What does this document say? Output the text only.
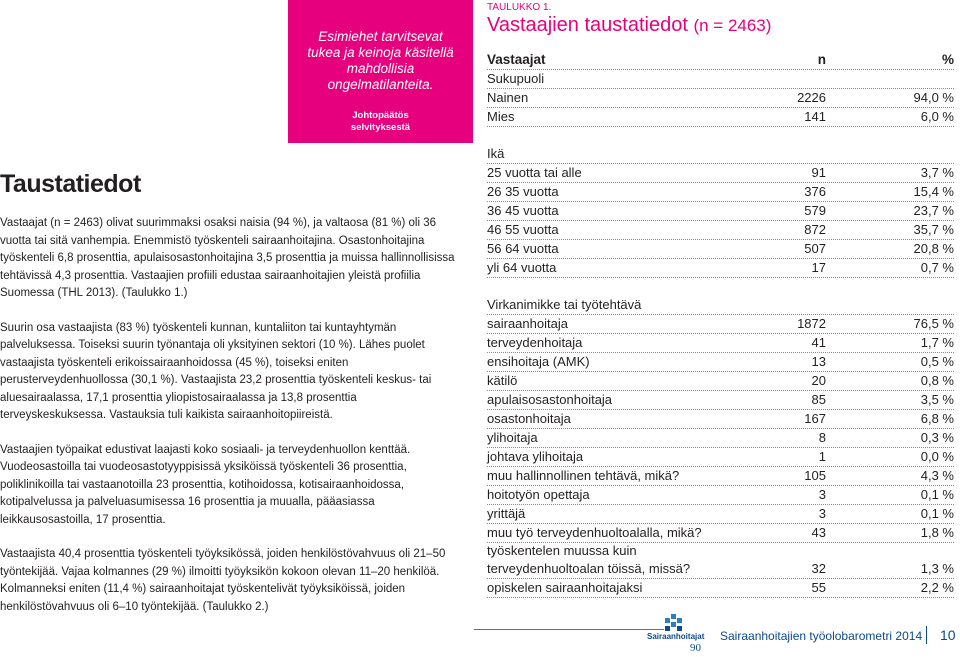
Esimiehet tarvitsevat tukea ja keinoja käsitellä mahdollisia ongelmatilanteita.
Johtopäätös selvityksestä
Taustatiedot

Vastaajat (n = 2463) olivat suurimmaksi osaksi naisia (94 %), ja valtaosa (81 %) oli 36 vuotta tai sitä vanhempia. Enemmistö työskenteli sairaanhoitajina. Osastonhoitajina työskenteli 6,8 prosenttia, apulaisosastonhoitajina 3,5 prosenttia ja muissa hallinnollisissa tehtävissä 4,3 prosenttia. Vastaajien profiili edustaa sairaanhoitajien yleistä profiilia Suomessa (THL 2013). (Taulukko 1.)

Suurin osa vastaajista (83 %) työskenteli kunnan, kuntaliiton tai kuntayhtymän palveluksessa. Toiseksi suurin työnantaja oli yksityinen sektori (10 %). Lähes puolet vastaajista työskenteli erikoissairaanhoidossa (45 %), toiseksi eniten perusterveydenhuollossa (30,1 %). Vastaajista 23,2 prosenttia työskenteli keskus- tai aluesairaalassa, 17,1 prosenttia yliopistosairaalassa ja 13,8 prosenttia terveyskeskuksessa. Vastauksia tuli kaikista sairaanhoitopiireistä.

Vastaajien työpaikat edustivat laajasti koko sosiaali- ja terveydenhuollon kenttää. Vuodeosastoilla tai vuodeosastotyyppisissä yksiköissä työskenteli 36 prosenttia, poliklinikoilla tai vastaanotoilla 23 prosenttia, kotihoidossa, kotisairaanhoidossa, kotipalvelussa ja palveluasumisessa 16 prosenttia ja muualla, pääasiassa leikkausosastoilla, 17 prosenttia.

Vastaajista 40,4 prosenttia työskenteli työyksikössä, joiden henkilöstövahvuus oli 21–50 työntekijää. Vajaa kolmannes (29 %) ilmoitti työyksikön kokoon olevan 11–20 henkilöä. Kolmanneksi eniten (11,4 %) sairaanhoitajat työskentelivät työyksiköissä, joiden henkilöstövahvuus oli 6–10 työntekijää. (Taulukko 2.)

TAULUKKO 1.
Vastaajien taustatiedot (n = 2463)
Vastaajat	n	%
Sukupuoli
Nainen	2226	94,0 %
Mies	141	6,0 %
Ikä
25 vuotta tai alle	91	3,7 %
26 35 vuotta	376	15,4 %
36 45 vuotta	579	23,7 %
46 55 vuotta	872	35,7 %
56 64 vuotta	507	20,8 %
yli 64 vuotta	17	0,7 %
Virkanimikke tai työtehtävä
sairaanhoitaja	1872	76,5 %
terveydenhoitaja	41	1,7 %
ensihoitaja (AMK)	13	0,5 %
kätilö	20	0,8 %
apulaisosastonhoitaja	85	3,5 %
osastonhoitaja	167	6,8 %
ylihoitaja	8	0,3 %
johtava ylihoitaja	1	0,0 %
muu hallinnollinen tehtävä, mikä?	105	4,3 %
hoitotyön opettaja	3	0,1 %
yrittäjä	3	0,1 %
muu työ terveydenhuoltoalalla, mikä?	43	1,8 %
työskentelen muussa kuin terveydenhuoltoalan töissä, missä?	32	1,3 %
opiskelen sairaanhoitajaksi	55	2,2 %
Sairaanhoitajat
90
Sairaanhoitajien työolobarometri 2014 10
